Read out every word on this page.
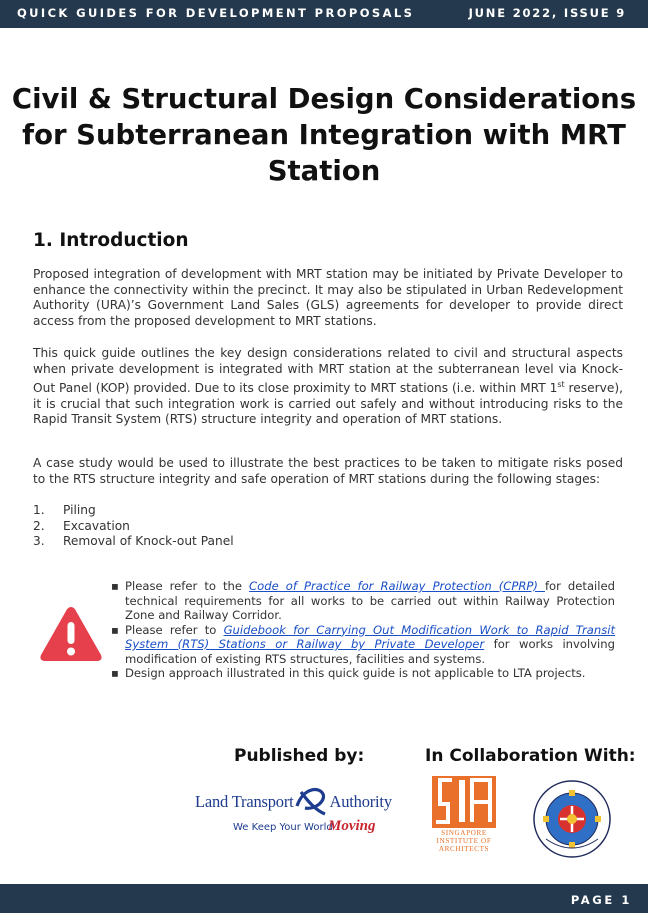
QUICK GUIDES FOR DEVELOPMENT PROPOSALS	JUNE 2022, ISSUE 9
Civil & Structural Design Considerations for Subterranean Integration with MRT Station
1. Introduction

Proposed integration of development with MRT station may be initiated by Private Developer to enhance the connectivity within the precinct. It may also be stipulated in Urban Redevelopment Authority (URA)’s Government Land Sales (GLS) agreements for developer to provide direct access from the proposed development to MRT stations.

This quick guide outlines the key design considerations related to civil and structural aspects when private development is integrated with MRT station at the subterranean level via Knock-Out Panel (KOP) provided. Due to its close proximity to MRT stations (i.e. within MRT 1st reserve), it is crucial that such integration work is carried out safely and without introducing risks to the Rapid Transit System (RTS) structure integrity and operation of MRT stations.

A case study would be used to illustrate the best practices to be taken to mitigate risks posed to the RTS structure integrity and safe operation of MRT stations during the following stages:

1. Piling
2. Excavation
3. Removal of Knock-out Panel
▪ Please refer to the Code of Practice for Railway Protection (CPRP) for detailed technical requirements for all works to be carried out within Railway Protection Zone and Railway Corridor.
▪ Please refer to Guidebook for Carrying Out Modification Work to Rapid Transit System (RTS) Stations or Railway by Private Developer for works involving modification of existing RTS structures, facilities and systems.
▪ Design approach illustrated in this quick guide is not applicable to LTA projects.
Published by:	In Collaboration With:
Land Transport Authority
We Keep Your World
Moving	SINGAPORE
INSTITUTE OF
ARCHITECTS
PAGE 1
